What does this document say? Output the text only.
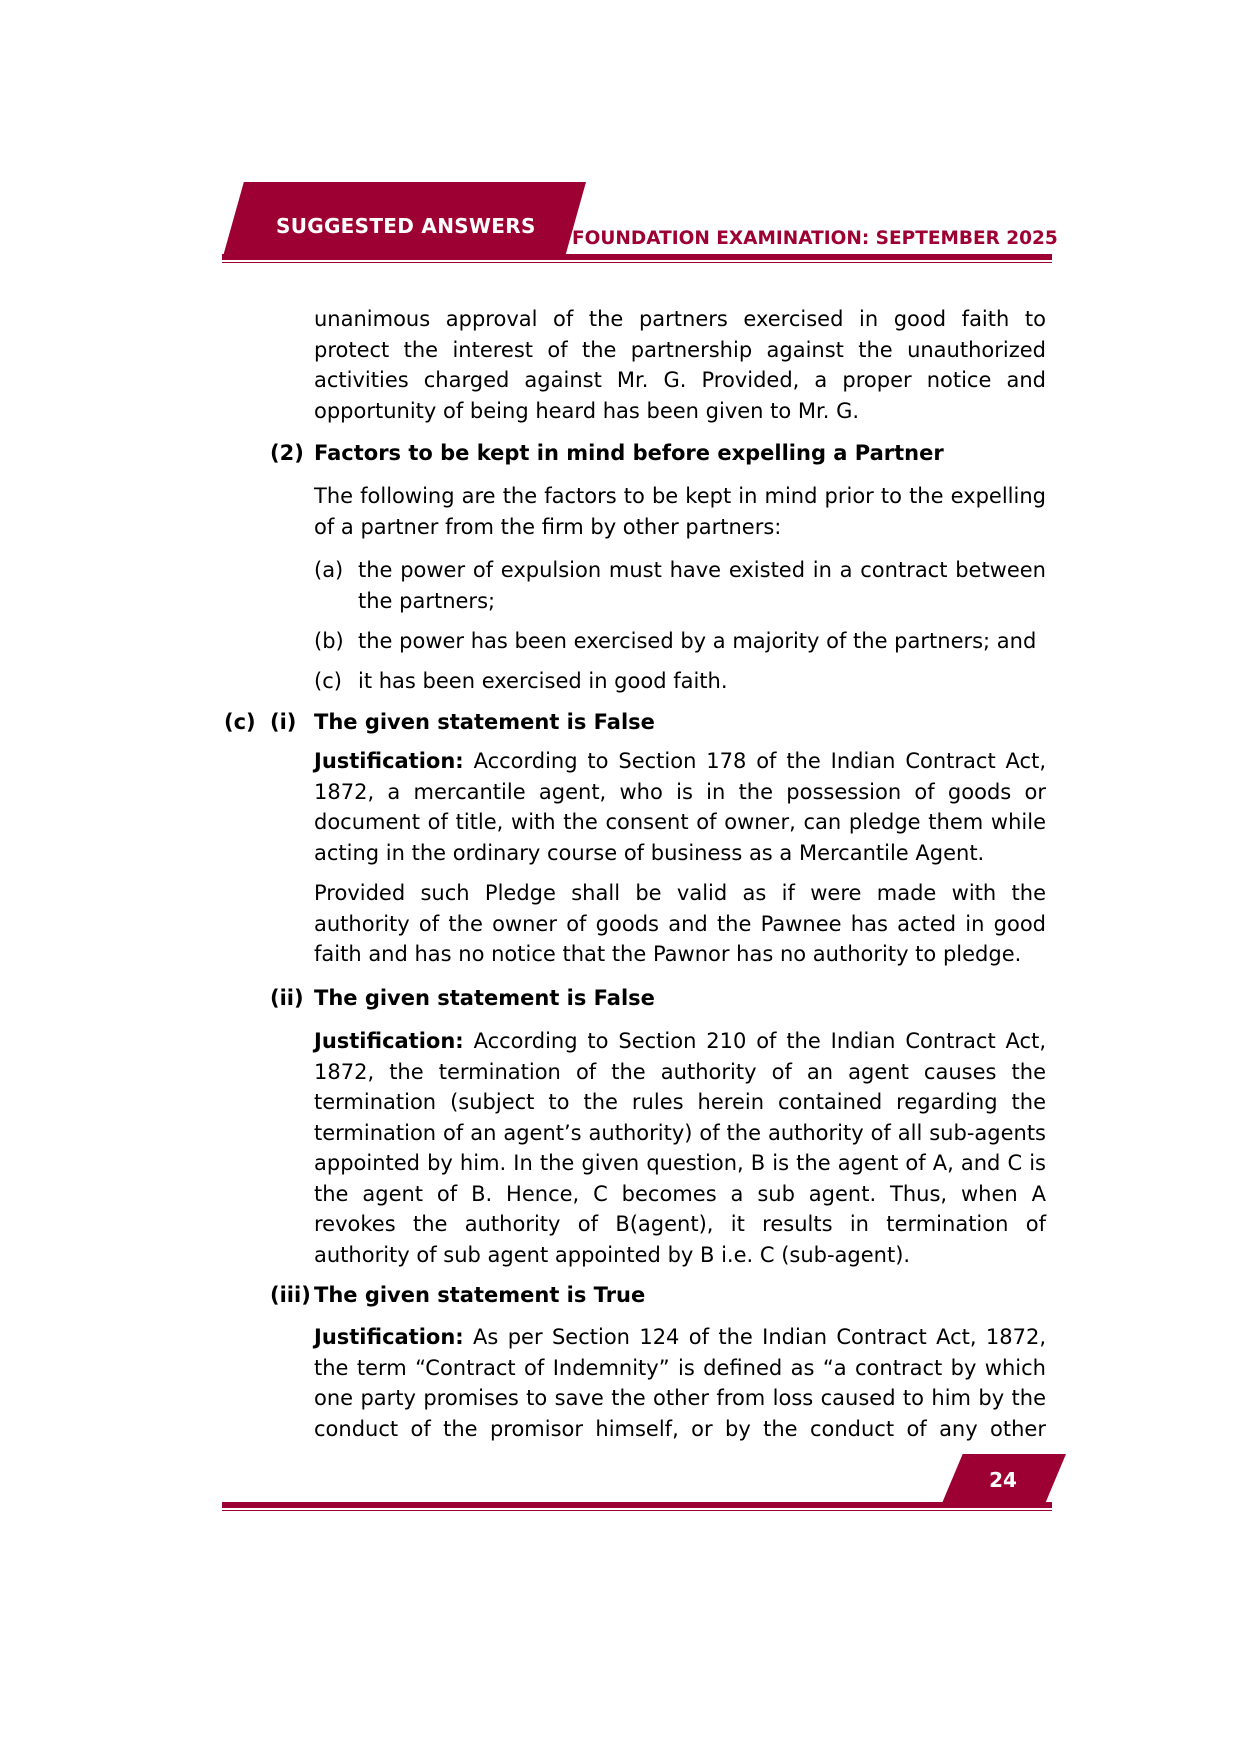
SUGGESTED ANSWERS
FOUNDATION EXAMINATION: SEPTEMBER 2025

unanimous approval of the partners exercised in good faith to protect the interest of the partnership against the unauthorized activities charged against Mr. G. Provided, a proper notice and opportunity of being heard has been given to Mr. G.

(2) Factors to be kept in mind before expelling a Partner

The following are the factors to be kept in mind prior to the expelling of a partner from the firm by other partners:

(a) the power of expulsion must have existed in a contract between the partners;

(b) the power has been exercised by a majority of the partners; and

(c) it has been exercised in good faith.

(c) (i) The given statement is False

Justification: According to Section 178 of the Indian Contract Act, 1872, a mercantile agent, who is in the possession of goods or document of title, with the consent of owner, can pledge them while acting in the ordinary course of business as a Mercantile Agent.

Provided such Pledge shall be valid as if were made with the authority of the owner of goods and the Pawnee has acted in good faith and has no notice that the Pawnor has no authority to pledge.

(ii) The given statement is False

Justification: According to Section 210 of the Indian Contract Act, 1872, the termination of the authority of an agent causes the termination (subject to the rules herein contained regarding the termination of an agent’s authority) of the authority of all sub-agents appointed by him. In the given question, B is the agent of A, and C is the agent of B. Hence, C becomes a sub agent. Thus, when A revokes the authority of B(agent), it results in termination of authority of sub agent appointed by B i.e. C (sub-agent).

(iii) The given statement is True

Justification: As per Section 124 of the Indian Contract Act, 1872, the term “Contract of Indemnity” is defined as “a contract by which one party promises to save the other from loss caused to him by the conduct of the promisor himself, or by the conduct of any other

24
